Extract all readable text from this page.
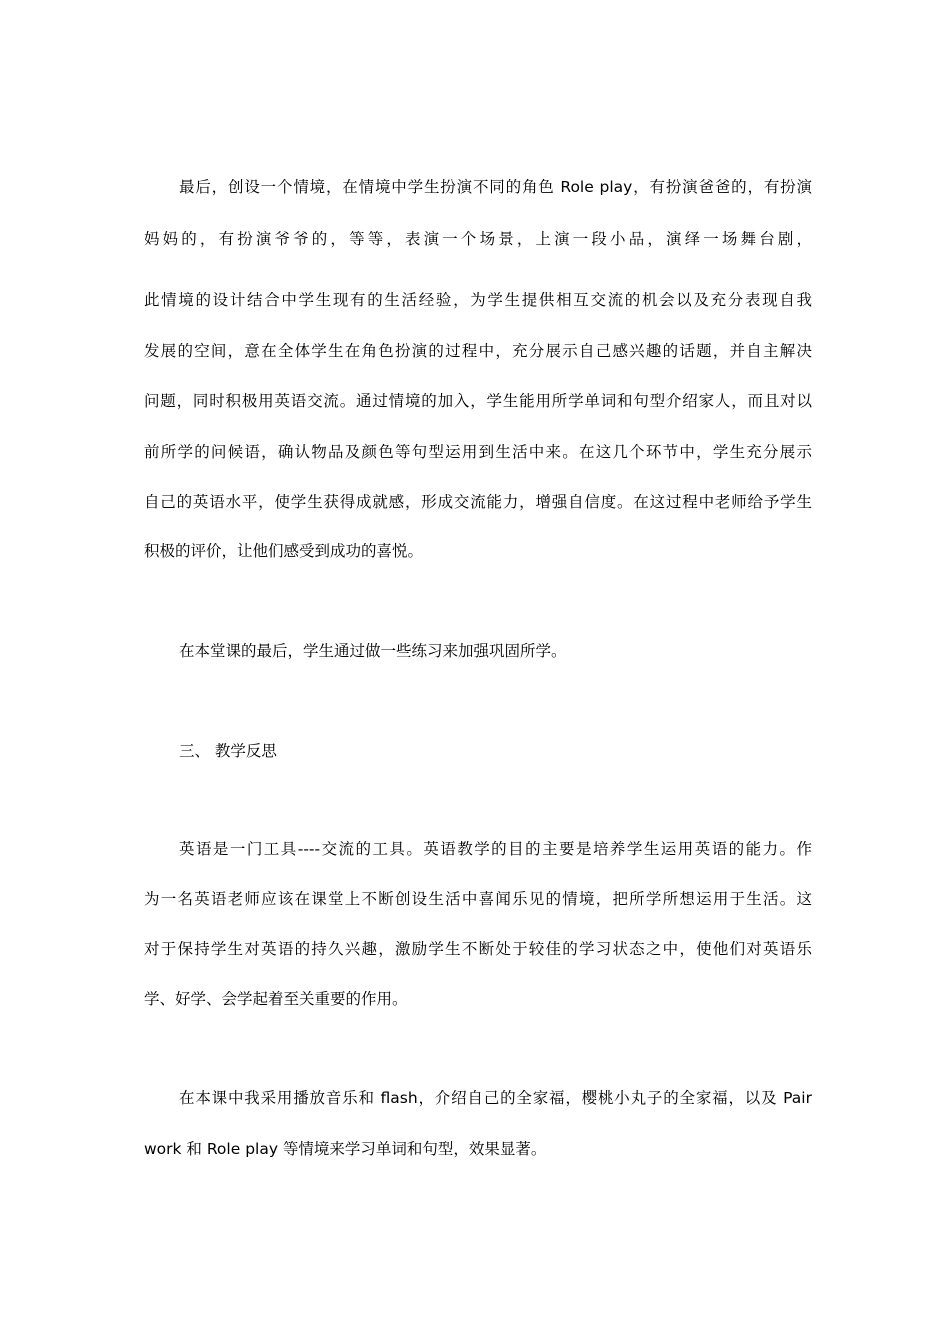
最后，创设一个情境，在情境中学生扮演不同的角色 Role play，有扮演爸爸的，有扮演
妈妈的，有扮演爷爷的，等等，表演一个场景，上演一段小品，演绎一场舞台剧，
此情境的设计结合中学生现有的生活经验，为学生提供相互交流的机会以及充分表现自我
发展的空间，意在全体学生在角色扮演的过程中，充分展示自己感兴趣的话题，并自主解决
问题，同时积极用英语交流。通过情境的加入，学生能用所学单词和句型介绍家人，而且对以
前所学的问候语，确认物品及颜色等句型运用到生活中来。在这几个环节中，学生充分展示
自己的英语水平，使学生获得成就感，形成交流能力，增强自信度。在这过程中老师给予学生
积极的评价，让他们感受到成功的喜悦。
在本堂课的最后，学生通过做一些练习来加强巩固所学。
三、 教学反思
英语是一门工具----交流的工具。英语教学的目的主要是培养学生运用英语的能力。作
为一名英语老师应该在课堂上不断创设生活中喜闻乐见的情境，把所学所想运用于生活。这
对于保持学生对英语的持久兴趣，激励学生不断处于较佳的学习状态之中，使他们对英语乐
学、好学、会学起着至关重要的作用。
在本课中我采用播放音乐和 flash，介绍自己的全家福，樱桃小丸子的全家福，以及 Pair
work 和 Role play 等情境来学习单词和句型，效果显著。
